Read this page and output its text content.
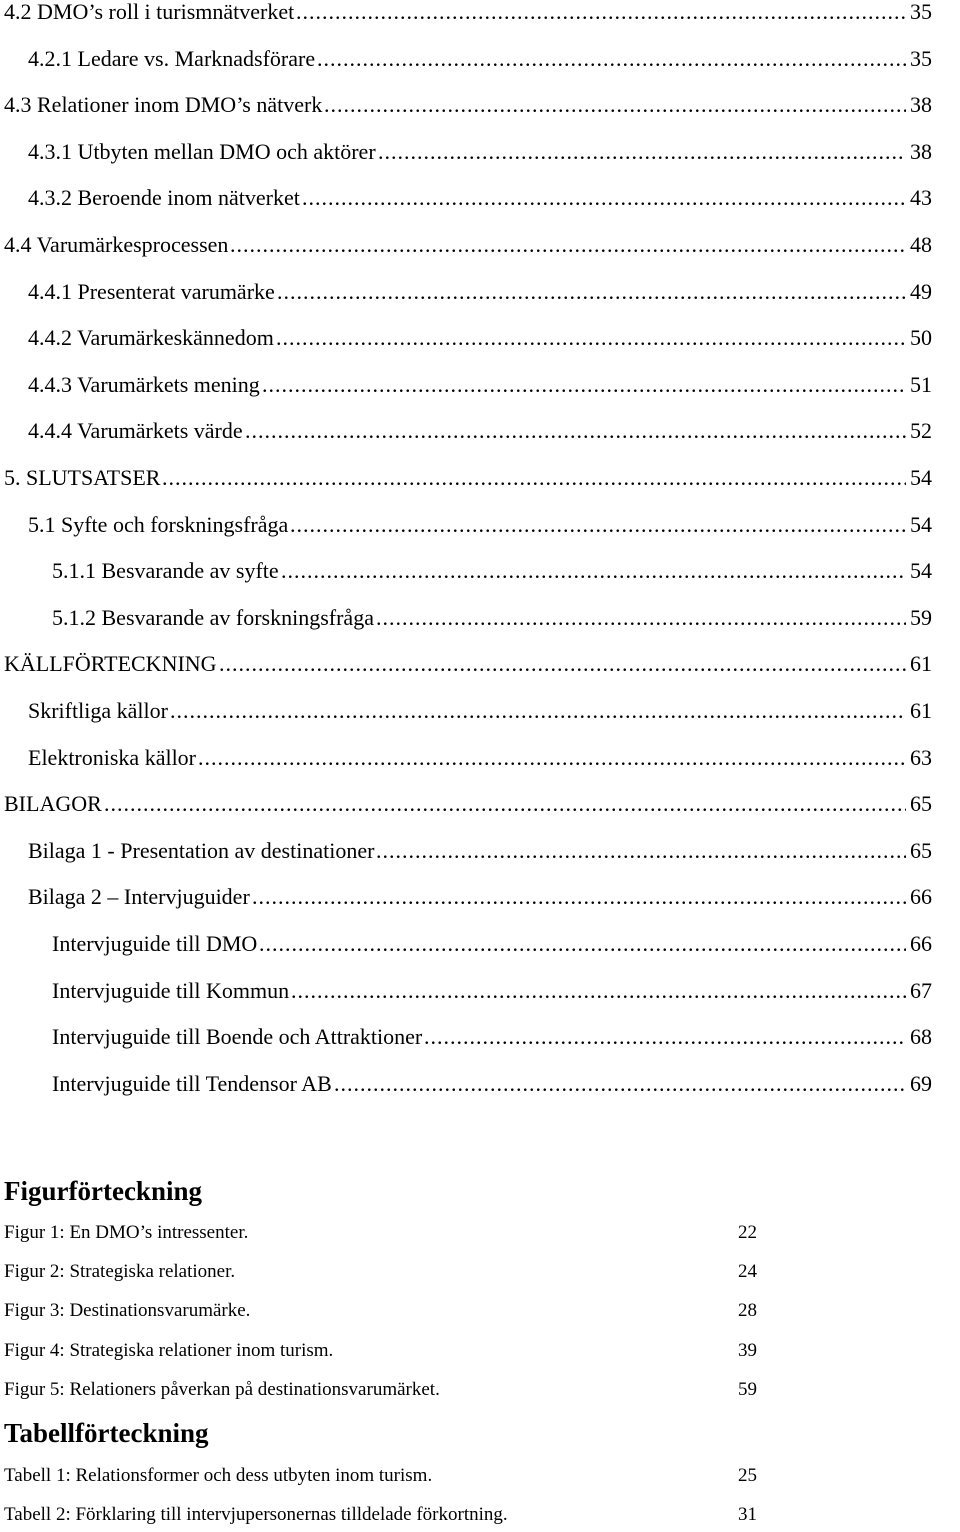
4.2 DMO’s roll i turismnätverket .....	35
4.2.1 Ledare vs. Marknadsförare .....	35
4.3 Relationer inom DMO’s nätverk .....	38
4.3.1 Utbyten mellan DMO och aktörer .....	38
4.3.2 Beroende inom nätverket .....	43
4.4 Varumärkesprocessen .....	48
4.4.1 Presenterat varumärke .....	49
4.4.2 Varumärkeskännedom .....	50
4.4.3 Varumärkets mening .....	51
4.4.4 Varumärkets värde .....	52
5. SLUTSATSER .....	54
5.1 Syfte och forskningsfråga .....	54
5.1.1 Besvarande av syfte .....	54
5.1.2 Besvarande av forskningsfråga .....	59
KÄLLFÖRTECKNING .....	61
Skriftliga källor .....	61
Elektroniska källor .....	63
BILAGOR .....	65
Bilaga 1 - Presentation av destinationer .....	65
Bilaga 2 – Intervjuguider .....	66
Intervjuguide till DMO .....	66
Intervjuguide till Kommun .....	67
Intervjuguide till Boende och Attraktioner .....	68
Intervjuguide till Tendensor AB .....	69
Figurförteckning
Figur 1: En DMO’s intressenter.	22
Figur 2: Strategiska relationer.	24
Figur 3: Destinationsvarumärke.	28
Figur 4: Strategiska relationer inom turism.	39
Figur 5: Relationers påverkan på destinationsvarumärket.	59
Tabellförteckning
Tabell 1: Relationsformer och dess utbyten inom turism.	25
Tabell 2: Förklaring till intervjupersonernas tilldelade förkortning.	31
